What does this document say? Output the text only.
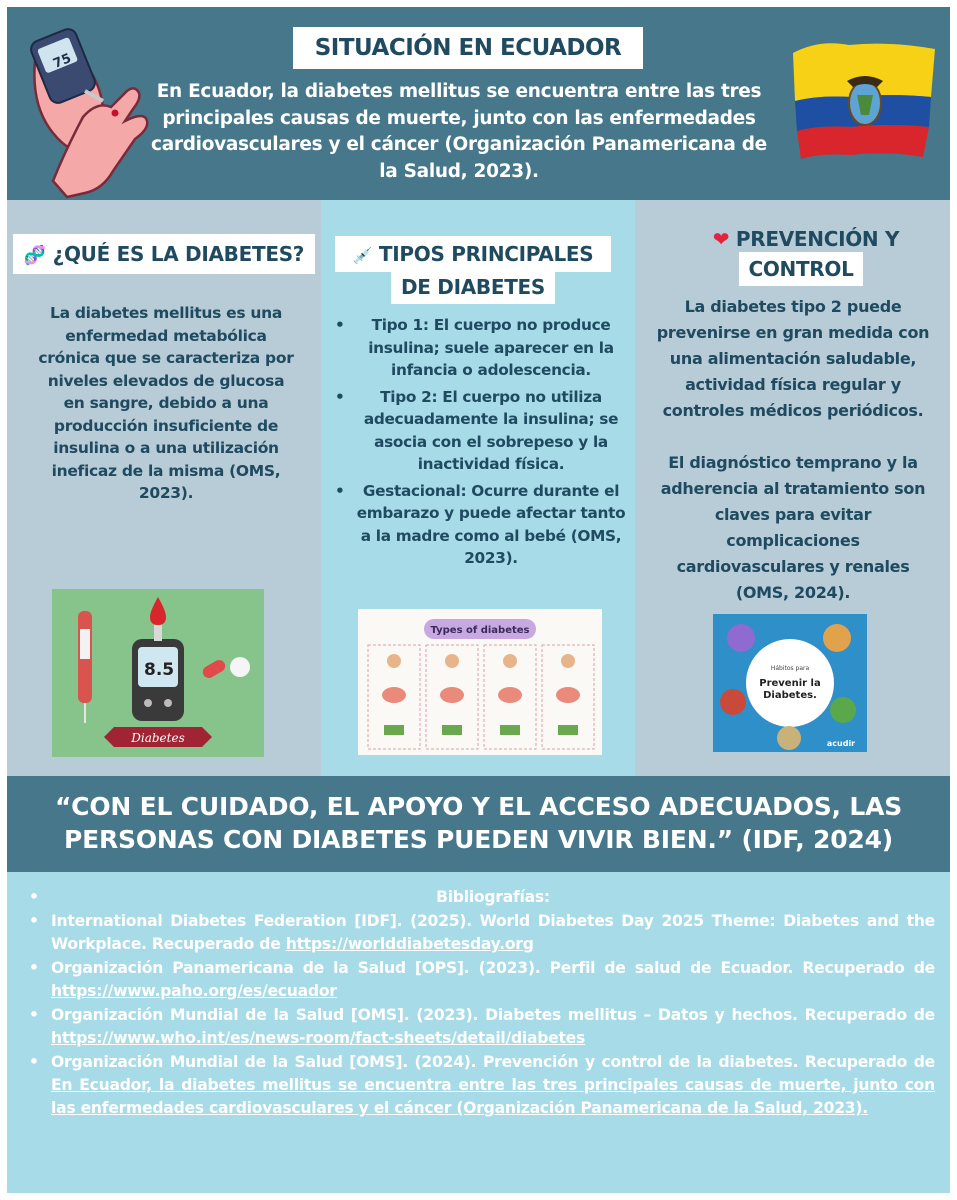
75
SITUACIÓN EN ECUADOR
En Ecuador, la diabetes mellitus se encuentra entre las tres principales causas de muerte, junto con las enfermedades cardiovasculares y el cáncer (Organización Panamericana de la Salud, 2023).
🧬 ¿QUÉ ES LA DIABETES?
La diabetes mellitus es una enfermedad metabólica crónica que se caracteriza por niveles elevados de glucosa en sangre, debido a una producción insuficiente de insulina o a una utilización ineficaz de la misma (OMS, 2023).
8.5
Diabetes
💉 TIPOS PRINCIPALES
DE DIABETES
• Tipo 1: El cuerpo no produce insulina; suele aparecer en la infancia o adolescencia.
• Tipo 2: El cuerpo no utiliza adecuadamente la insulina; se asocia con el sobrepeso y la inactividad física.
• Gestacional: Ocurre durante el embarazo y puede afectar tanto a la madre como al bebé (OMS, 2023).
Types of diabetes
❤ PREVENCIÓN Y
CONTROL
La diabetes tipo 2 puede prevenirse en gran medida con una alimentación saludable, actividad física regular y controles médicos periódicos.
El diagnóstico temprano y la adherencia al tratamiento son claves para evitar complicaciones cardiovasculares y renales (OMS, 2024).
Hábitos para
Prevenir la Diabetes.
acudir
“CON EL CUIDADO, EL APOYO Y EL ACCESO ADECUADOS, LAS PERSONAS CON DIABETES PUEDEN VIVIR BIEN.” (IDF, 2024)
•	Bibliografías:
• International Diabetes Federation [IDF]. (2025). World Diabetes Day 2025 Theme: Diabetes and the Workplace. Recuperado de https://worlddiabetesday.org
• Organización Panamericana de la Salud [OPS]. (2023). Perfil de salud de Ecuador. Recuperado de https://www.paho.org/es/ecuador
• Organización Mundial de la Salud [OMS]. (2023). Diabetes mellitus – Datos y hechos. Recuperado de https://www.who.int/es/news-room/fact-sheets/detail/diabetes
• Organización Mundial de la Salud [OMS]. (2024). Prevención y control de la diabetes. Recuperado de En Ecuador, la diabetes mellitus se encuentra entre las tres principales causas de muerte, junto con las enfermedades cardiovasculares y el cáncer (Organización Panamericana de la Salud, 2023).
